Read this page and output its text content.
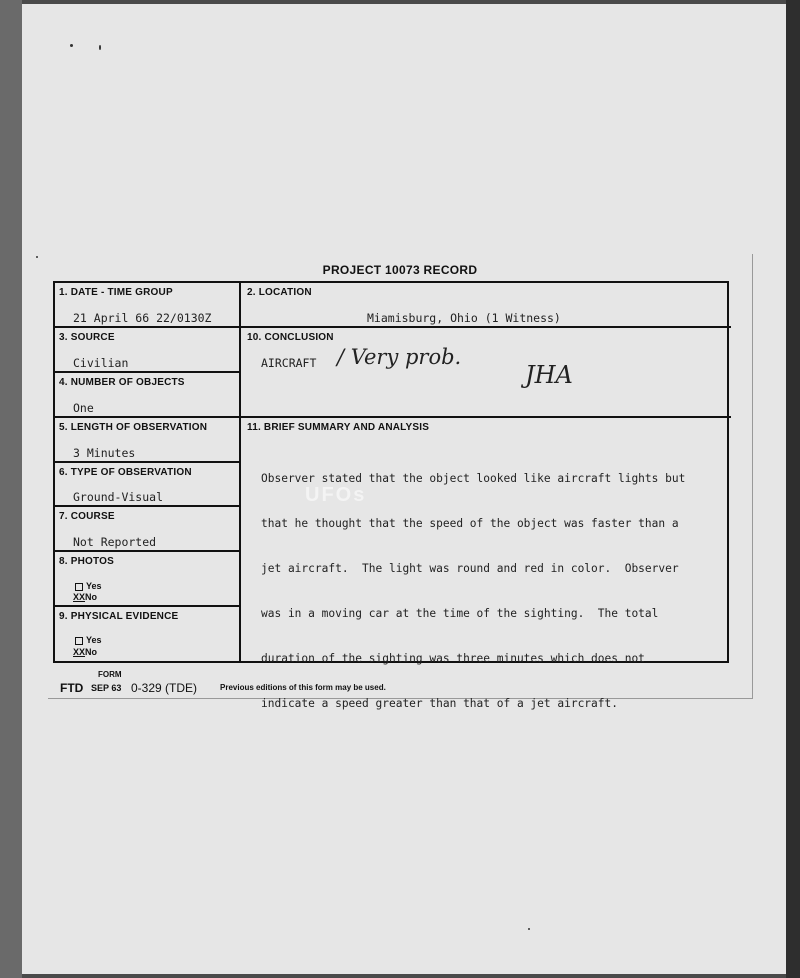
PROJECT 10073 RECORD
1. DATE - TIME GROUP
21 April 66 22/0130Z
2. LOCATION
Miamisburg, Ohio (1 Witness)
3. SOURCE
Civilian
10. CONCLUSION
AIRCRAFT / Very prob.
JHA
4. NUMBER OF OBJECTS
One
5. LENGTH OF OBSERVATION
3 Minutes
11. BRIEF SUMMARY AND ANALYSIS

Observer stated that the object looked like aircraft lights but

that he thought that the speed of the object was faster than a

jet aircraft.  The light was round and red in color.  Observer

was in a moving car at the time of the sighting.  The total

duration of the sighting was three minutes which does not

indicate a speed greater than that of a jet aircraft.

6. TYPE OF OBSERVATION
Ground-Visual
7. COURSE
Not Reported
8. PHOTOS
Yes
XXNo
9. PHYSICAL EVIDENCE
Yes
XXNo
FORM
FTD SEP 63 0-329 (TDE)	Previous editions of this form may be used.
UFOs
